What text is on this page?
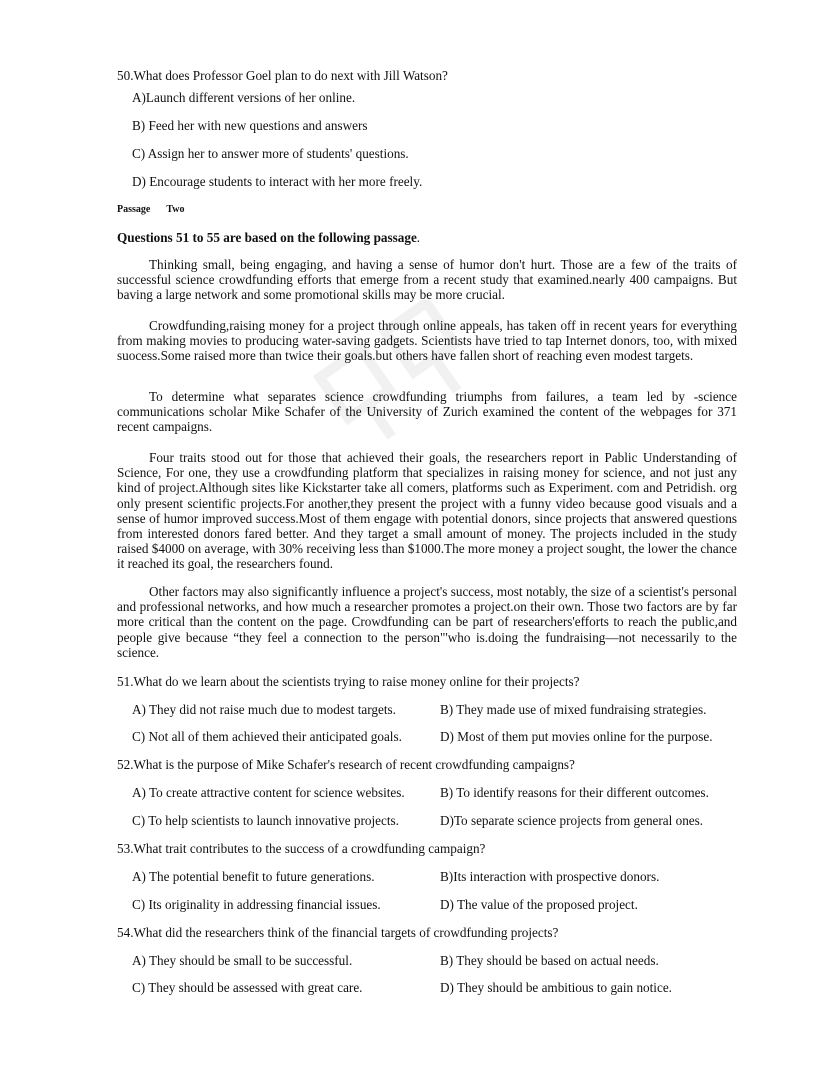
50.What does Professor Goel plan to do next with Jill Watson?
A)Launch different versions of her online.
B) Feed her with new questions and answers
C) Assign her to answer more of students' questions.
D) Encourage students to interact with her more freely.
Passage Two
Questions 51 to 55 are based on the following passage.
Thinking small, being engaging, and having a sense of humor don't hurt. Those are a few of the traits of successful science crowdfunding efforts that emerge from a recent study that examined.nearly 400 campaigns. But baving a large network and some promotional skills may be more crucial.
Crowdfunding,raising money for a project through online appeals, has taken off in recent years for everything from making movies to producing water-saving gadgets. Scientists have tried to tap Internet donors, too, with mixed suocess.Some raised more than twice their goals.but others have fallen short of reaching even modest targets.
To determine what separates science crowdfunding triumphs from failures, a team led by -science communications scholar Mike Schafer of the University of Zurich examined the content of the webpages for 371 recent campaigns.
Four traits stood out for those that achieved their goals, the researchers report in Pablic Understanding of Science, For one, they use a crowdfunding platform that specializes in raising money for science, and not just any kind of project.Although sites like Kickstarter take all comers, platforms such as Experiment. com and Petridish. org only present scientific projects.For another,they present the project with a funny video because good visuals and a sense of humor improved success.Most of them engage with potential donors, since projects that answered questions from interested donors fared better. And they target a small amount of money. The projects included in the study raised $4000 on average, with 30% receiving less than $1000.The more money a project sought, the lower the chance it reached its goal, the researchers found.
Other factors may also significantly influence a project's success, most notably, the size of a scientist's personal and professional networks, and how much a researcher promotes a project.on their own. Those two factors are by far more critical than the content on the page. Crowdfunding can be part of researchers'efforts to reach the public,and people give because “they feel a connection to the person"'who is.doing the fundraising—not necessarily to the science.
51.What do we learn about the scientists trying to raise money online for their projects?
A) They did not raise much due to modest targets.	B) They made use of mixed fundraising strategies.
C) Not all of them achieved their anticipated goals.	D) Most of them put movies online for the purpose.
52.What is the purpose of Mike Schafer's research of recent crowdfunding campaigns?
A) To create attractive content for science websites.	B) To identify reasons for their different outcomes.
C) To help scientists to launch innovative projects.	D)To separate science projects from general ones.
53.What trait contributes to the success of a crowdfunding campaign?
A) The potential benefit to future generations.	B)Its interaction with prospective donors.
C) Its originality in addressing financial issues.	D) The value of the proposed project.
54.What did the researchers think of the financial targets of crowdfunding projects?
A) They should be small to be successful.	B) They should be based on actual needs.
C) They should be assessed with great care.	D) They should be ambitious to gain notice.
